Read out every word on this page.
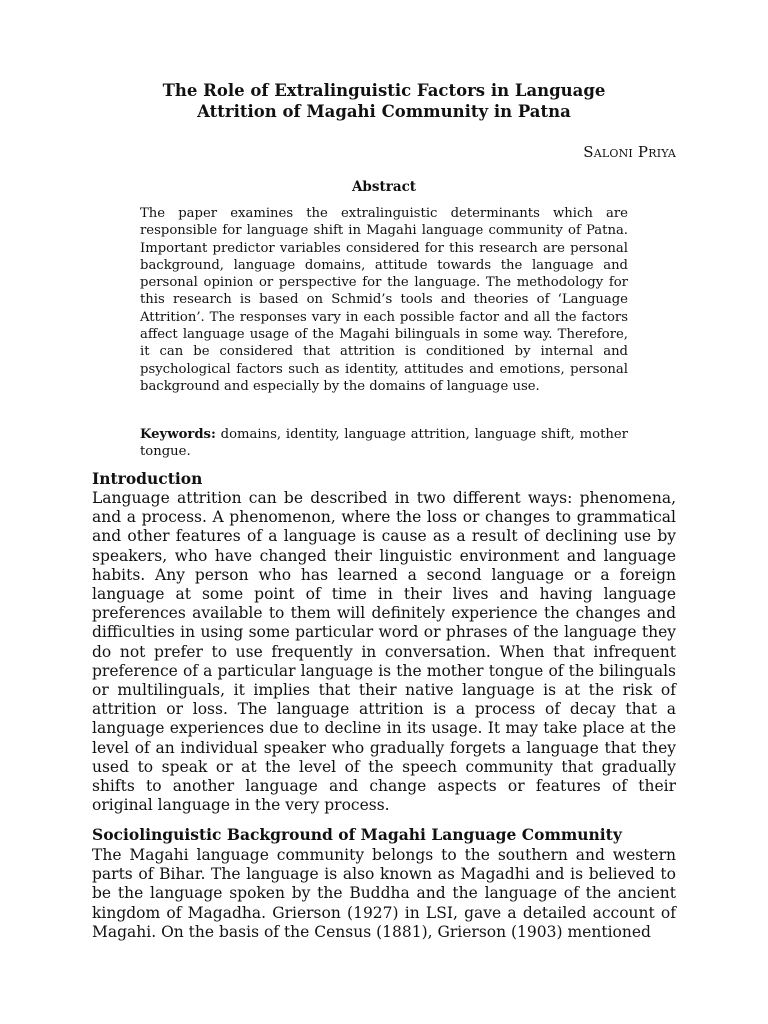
The Role of Extralinguistic Factors in Language
Attrition of Magahi Community in Patna
Saloni Priya
Abstract

The paper examines the extralinguistic determinants which are responsible for language shift in Magahi language community of Patna. Important predictor variables considered for this research are personal background, language domains, attitude towards the language and personal opinion or perspective for the language. The methodology for this research is based on Schmid’s tools and theories of ‘Language Attrition’. The responses vary in each possible factor and all the factors affect language usage of the Magahi bilinguals in some way. Therefore, it can be considered that attrition is conditioned by internal and psychological factors such as identity, attitudes and emotions, personal background and especially by the domains of language use.

Keywords: domains, identity, language attrition, language shift, mother tongue.

Introduction

Language attrition can be described in two different ways: phenomena, and a process. A phenomenon, where the loss or changes to grammatical and other features of a language is cause as a result of declining use by speakers, who have changed their linguistic environment and language habits. Any person who has learned a second language or a foreign language at some point of time in their lives and having language preferences available to them will definitely experience the changes and difficulties in using some particular word or phrases of the language they do not prefer to use frequently in conversation. When that infrequent preference of a particular language is the mother tongue of the bilinguals or multilinguals, it implies that their native language is at the risk of attrition or loss. The language attrition is a process of decay that a language experiences due to decline in its usage. It may take place at the level of an individual speaker who gradually forgets a language that they used to speak or at the level of the speech community that gradually shifts to another language and change aspects or features of their original language in the very process.

Sociolinguistic Background of Magahi Language Community

The Magahi language community belongs to the southern and western parts of Bihar. The language is also known as Magadhi and is believed to be the language spoken by the Buddha and the language of the ancient kingdom of Magadha. Grierson (1927) in LSI, gave a detailed account of Magahi. On the basis of the Census (1881), Grierson (1903) mentioned
